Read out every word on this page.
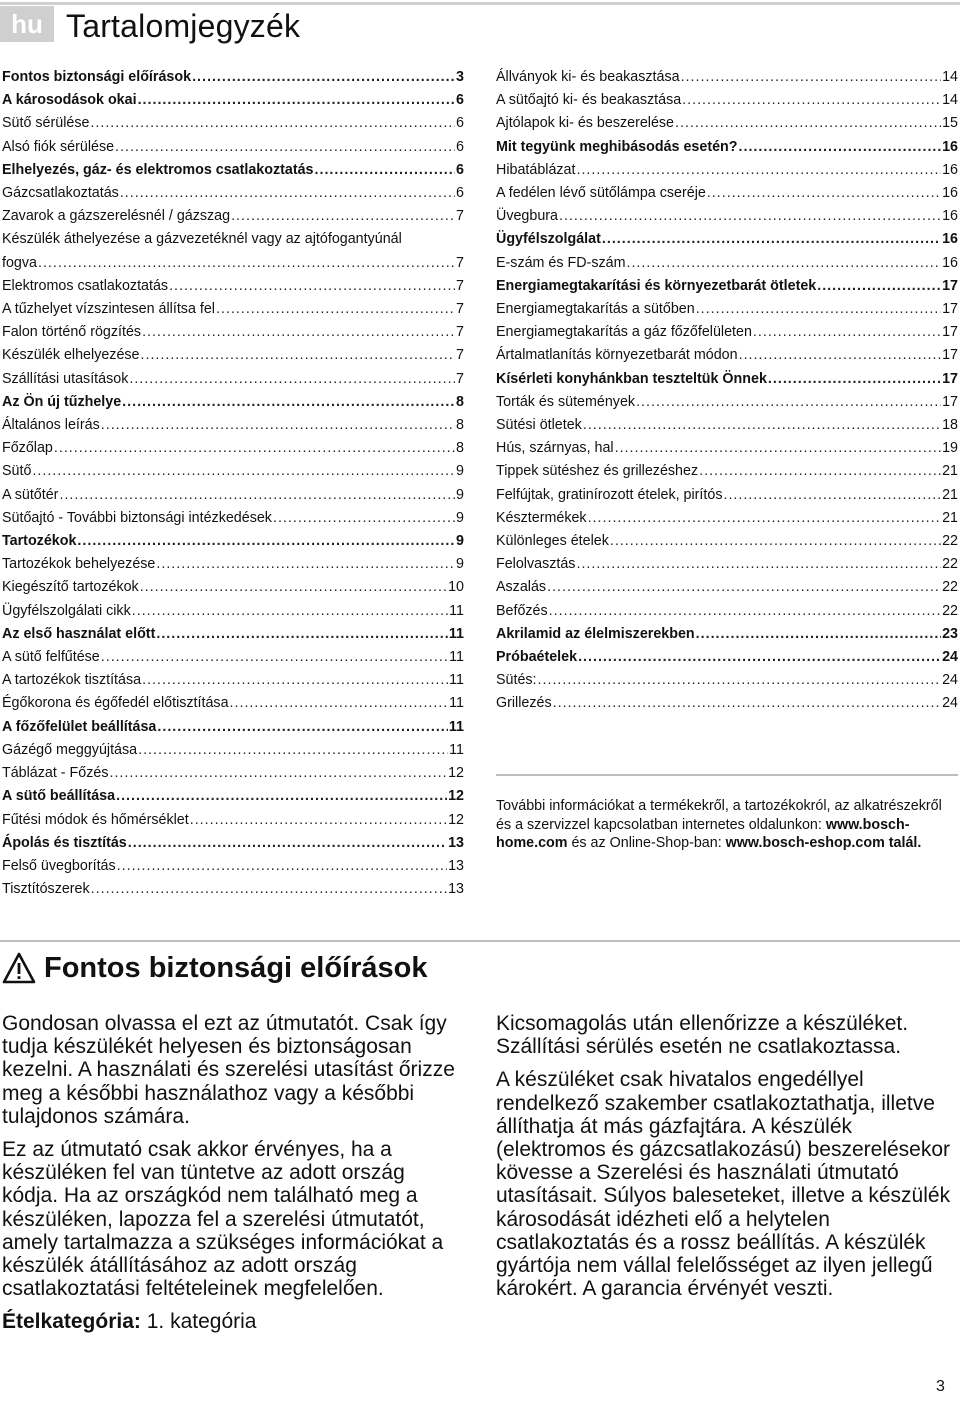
hu Tartalomjegyzék
Fontos biztonsági előírások .....	3
A károsodások okai .....	6
Sütő sérülése .....	6
Alsó fiók sérülése .....	6
Elhelyezés, gáz- és elektromos csatlakoztatás .....	6
Gázcsatlakoztatás .....	6
Zavarok a gázszerelésnél / gázszag .....	7
Készülék áthelyezése a gázvezetéknél vagy az ajtófogantyúnál
fogva .....	7
Elektromos csatlakoztatás .....	7
A tűzhelyet vízszintesen állítsa fel .....	7
Falon történő rögzítés .....	7
Készülék elhelyezése .....	7
Szállítási utasítások .....	7
Az Ön új tűzhelye .....	8
Általános leírás .....	8
Főzőlap .....	8
Sütő .....	9
A sütőtér .....	9
Sütőajtó - További biztonsági intézkedések .....	9
Tartozékok .....	9
Tartozékok behelyezése .....	9
Kiegészítő tartozékok .....	10
Ügyfélszolgálati cikk .....	11
Az első használat előtt .....	11
A sütő felfűtése .....	11
A tartozékok tisztítása .....	11
Égőkorona és égőfedél előtisztítása .....	11
A főzőfelület beállítása .....	11
Gázégő meggyújtása .....	11
Táblázat - Főzés .....	12
A sütő beállítása .....	12
Fűtési módok és hőmérséklet .....	12
Ápolás és tisztítás .....	13
Felső üvegborítás .....	13
Tisztítószerek .....	13
Állványok ki- és beakasztása .....	14
A sütőajtó ki- és beakasztása .....	14
Ajtólapok ki- és beszerelése .....	15
Mit tegyünk meghibásodás esetén? .....	16
Hibatáblázat .....	16
A fedélen lévő sütőlámpa cseréje .....	16
Üvegbura .....	16
Ügyfélszolgálat .....	16
E-szám és FD-szám .....	16
Energiamegtakarítási és környezetbarát ötletek .....	17
Energiamegtakarítás a sütőben .....	17
Energiamegtakarítás a gáz főzőfelületen .....	17
Ártalmatlanítás környezetbarát módon .....	17
Kísérleti konyhánkban teszteltük Önnek .....	17
Torták és sütemények .....	17
Sütési ötletek .....	18
Hús, szárnyas, hal .....	19
Tippek sütéshez és grillezéshez .....	21
Felfújtak, gratinírozott ételek, pirítós .....	21
Késztermékek .....	21
Különleges ételek .....	22
Felolvasztás .....	22
Aszalás .....	22
Befőzés .....	22
Akrilamid az élelmiszerekben .....	23
Próbaételek .....	24
Sütés: .....	24
Grillezés .....	24
További információkat a termékekről, a tartozékokról, az alkatrészekről és a szervizzel kapcsolatban internetes oldalunkon: www.bosch-home.com és az Online-Shop-ban: www.bosch-eshop.com talál.
Fontos biztonsági előírások

Gondosan olvassa el ezt az útmutatót. Csak így tudja készülékét helyesen és biztonságosan kezelni. A használati és szerelési utasítást őrizze meg a későbbi használathoz vagy a későbbi tulajdonos számára.

Ez az útmutató csak akkor érvényes, ha a készüléken fel van tüntetve az adott ország kódja. Ha az országkód nem található meg a készüléken, lapozza fel a szerelési útmutatót, amely tartalmazza a szükséges információkat a készülék átállításához az adott ország csatlakoztatási feltételeinek megfelelően.

Ételkategória: 1. kategória

Kicsomagolás után ellenőrizze a készüléket. Szállítási sérülés esetén ne csatlakoztassa.

A készüléket csak hivatalos engedéllyel rendelkező szakember csatlakoztathatja, illetve állíthatja át más gázfajtára. A készülék (elektromos és gázcsatlakozású) beszerelésekor kövesse a Szerelési és használati útmutató utasításait. Súlyos baleseteket, illetve a készülék károsodását idézheti elő a helytelen csatlakoztatás és a rossz beállítás. A készülék gyártója nem vállal felelősséget az ilyen jellegű károkért. A garancia érvényét veszti.

3
